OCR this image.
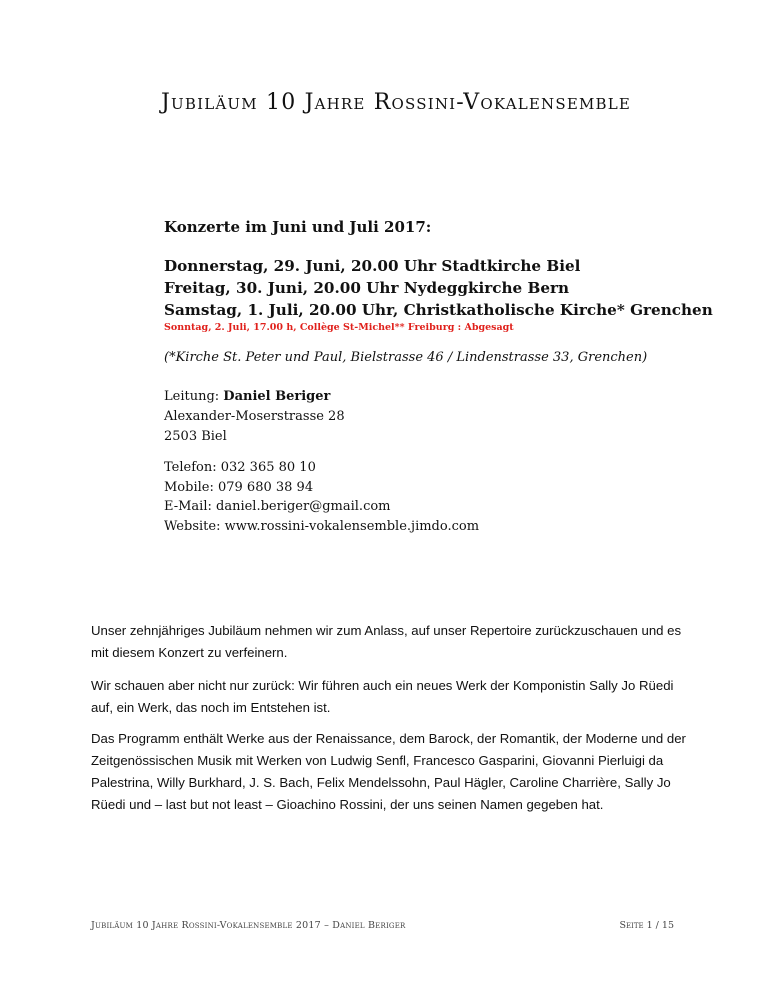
Jubiläum 10 Jahre Rossini-Vokalensemble
Konzerte im Juni und Juli 2017:
Donnerstag, 29. Juni, 20.00 Uhr Stadtkirche Biel
Freitag, 30. Juni, 20.00 Uhr Nydeggkirche Bern
Samstag, 1. Juli, 20.00 Uhr, Christkatholische Kirche* Grenchen
Sonntag, 2. Juli, 17.00 h, Collège St-Michel** Freiburg : Abgesagt
(*Kirche St. Peter und Paul, Bielstrasse 46 / Lindenstrasse 33, Grenchen)
Leitung: Daniel Beriger
Alexander-Moserstrasse 28
2503 Biel
Telefon: 032 365 80 10
Mobile: 079 680 38 94
E-Mail: daniel.beriger@gmail.com
Website: www.rossini-vokalensemble.jimdo.com
Unser zehnjähriges Jubiläum nehmen wir zum Anlass, auf unser Repertoire zurückzuschauen und es mit diesem Konzert zu verfeinern.
Wir schauen aber nicht nur zurück: Wir führen auch ein neues Werk der Komponistin Sally Jo Rüedi auf, ein Werk, das noch im Entstehen ist.
Das Programm enthält Werke aus der Renaissance, dem Barock, der Romantik, der Moderne und der Zeitgenössischen Musik mit Werken von Ludwig Senfl, Francesco Gasparini, Giovanni Pierluigi da Palestrina, Willy Burkhard, J. S. Bach, Felix Mendelssohn, Paul Hägler, Caroline Charrière, Sally Jo Rüedi und – last but not least – Gioachino Rossini, der uns seinen Namen gegeben hat.
Jubiläum 10 Jahre Rossini-Vokalensemble 2017 – Daniel Beriger	Seite 1 / 15
